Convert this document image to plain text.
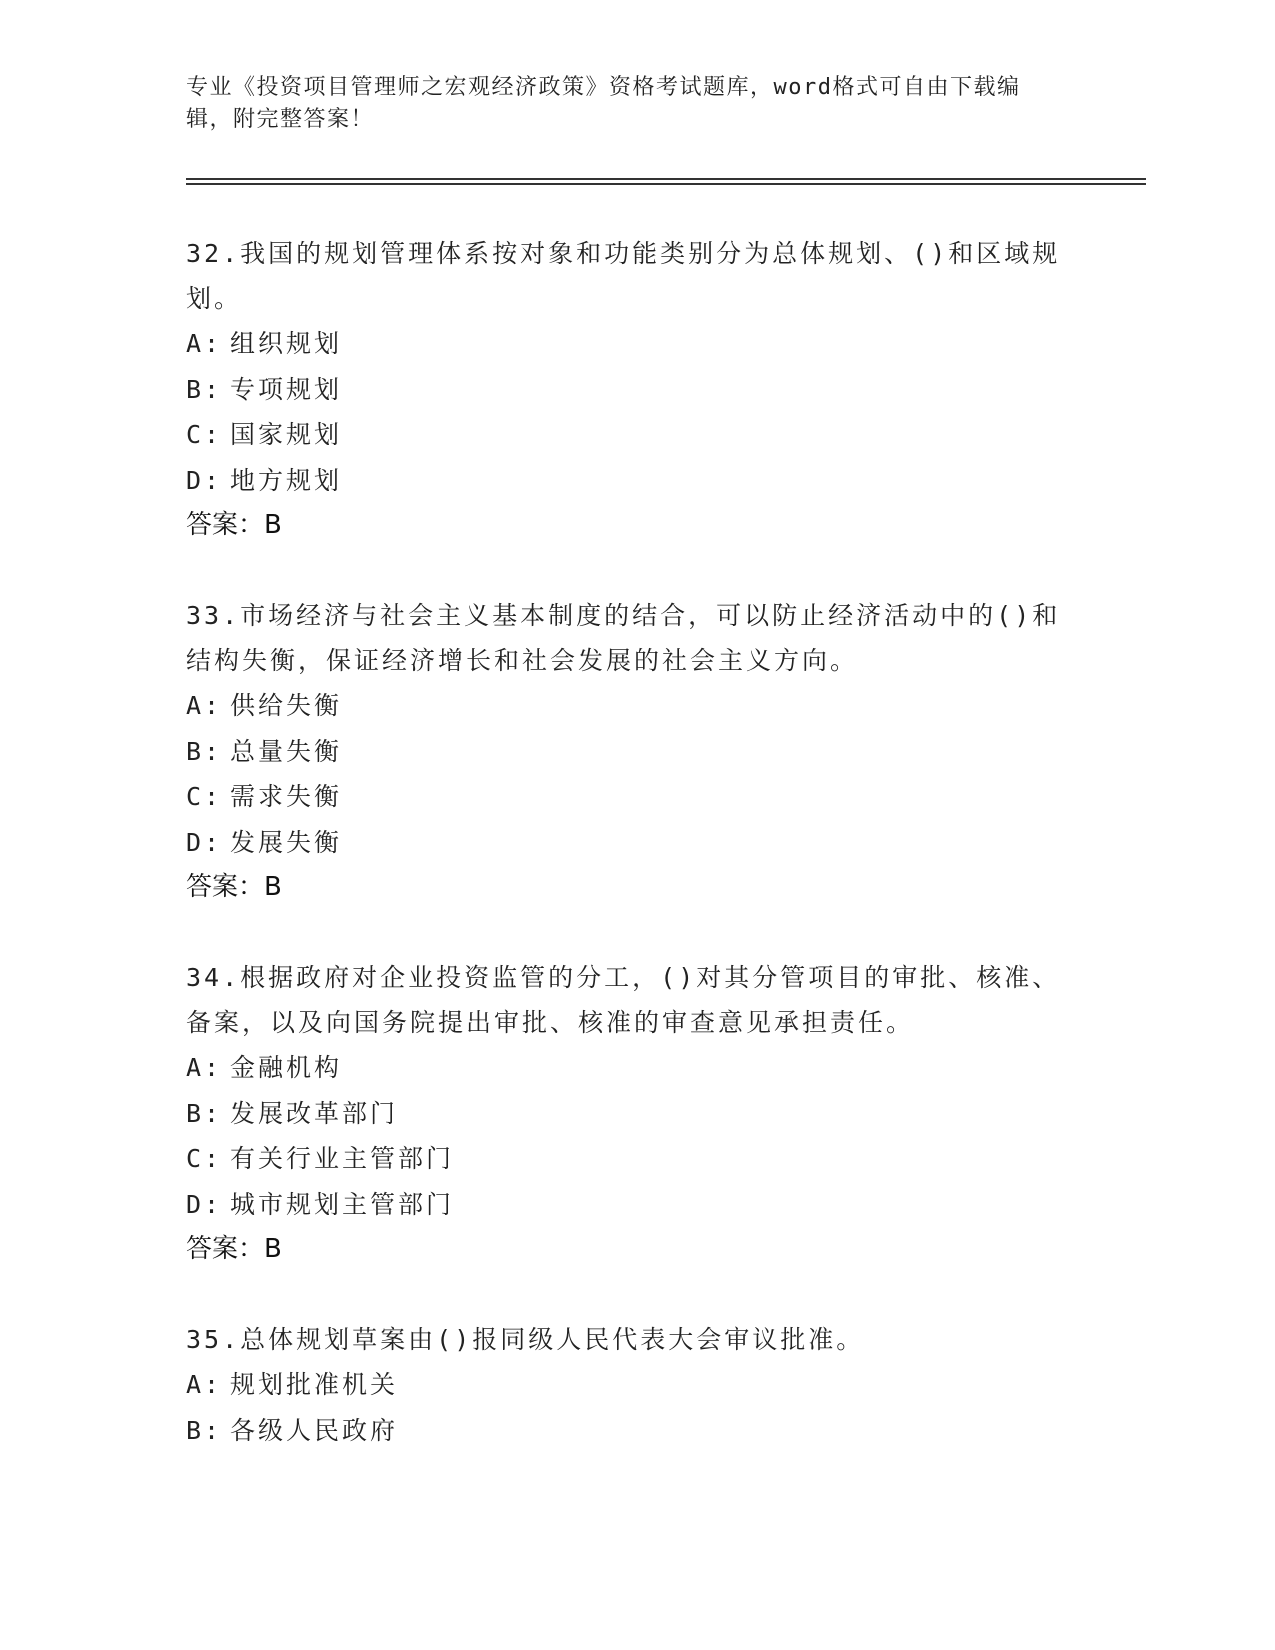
专业《投资项目管理师之宏观经济政策》资格考试题库，word格式可自由下载编辑，附完整答案！

32.我国的规划管理体系按对象和功能类别分为总体规划、()和区域规划。

A: 组织规划

B: 专项规划

C: 国家规划

D: 地方规划

答案：B

33.市场经济与社会主义基本制度的结合，可以防止经济活动中的()和结构失衡，保证经济增长和社会发展的社会主义方向。

A: 供给失衡

B: 总量失衡

C: 需求失衡

D: 发展失衡

答案：B

34.根据政府对企业投资监管的分工，()对其分管项目的审批、核准、备案，以及向国务院提出审批、核准的审查意见承担责任。

A: 金融机构

B: 发展改革部门

C: 有关行业主管部门

D: 城市规划主管部门

答案：B

35.总体规划草案由()报同级人民代表大会审议批准。

A: 规划批准机关

B: 各级人民政府
